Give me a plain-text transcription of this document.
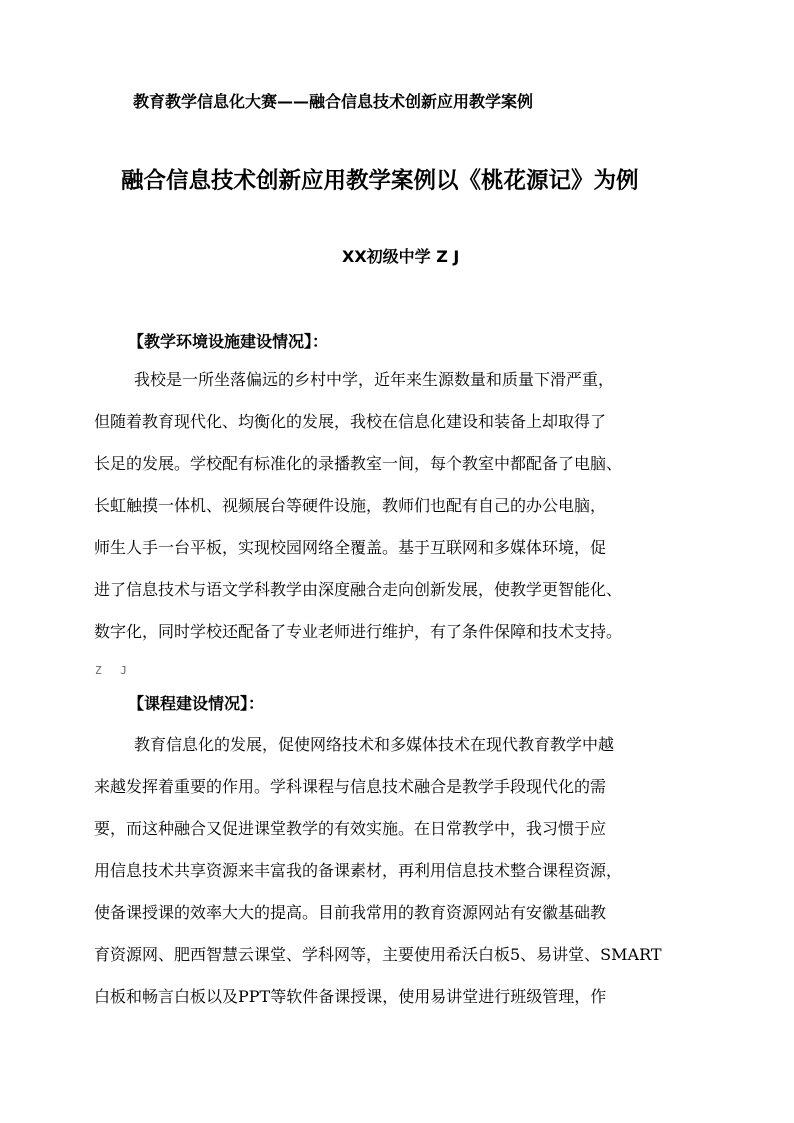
教育教学信息化大赛——融合信息技术创新应用教学案例
融合信息技术创新应用教学案例以《桃花源记》为例
XX初级中学 Z J
【教学环境设施建设情况】：
我校是一所坐落偏远的乡村中学，近年来生源数量和质量下滑严重，
但随着教育现代化、均衡化的发展，我校在信息化建设和装备上却取得了
长足的发展。学校配有标准化的录播教室一间，每个教室中都配备了电脑、
长虹触摸一体机、视频展台等硬件设施，教师们也配有自己的办公电脑，
师生人手一台平板，实现校园网络全覆盖。基于互联网和多媒体环境，促
进了信息技术与语文学科教学由深度融合走向创新发展，使教学更智能化、
数字化，同时学校还配备了专业老师进行维护，有了条件保障和技术支持。
Z J
【课程建设情况】：
教育信息化的发展，促使网络技术和多媒体技术在现代教育教学中越
来越发挥着重要的作用。学科课程与信息技术融合是教学手段现代化的需
要，而这种融合又促进课堂教学的有效实施。在日常教学中，我习惯于应
用信息技术共享资源来丰富我的备课素材，再利用信息技术整合课程资源，
使备课授课的效率大大的提高。目前我常用的教育资源网站有安徽基础教
育资源网、肥西智慧云课堂、学科网等，主要使用希沃白板5、易讲堂、SMART
白板和畅言白板以及PPT等软件备课授课，使用易讲堂进行班级管理，作
